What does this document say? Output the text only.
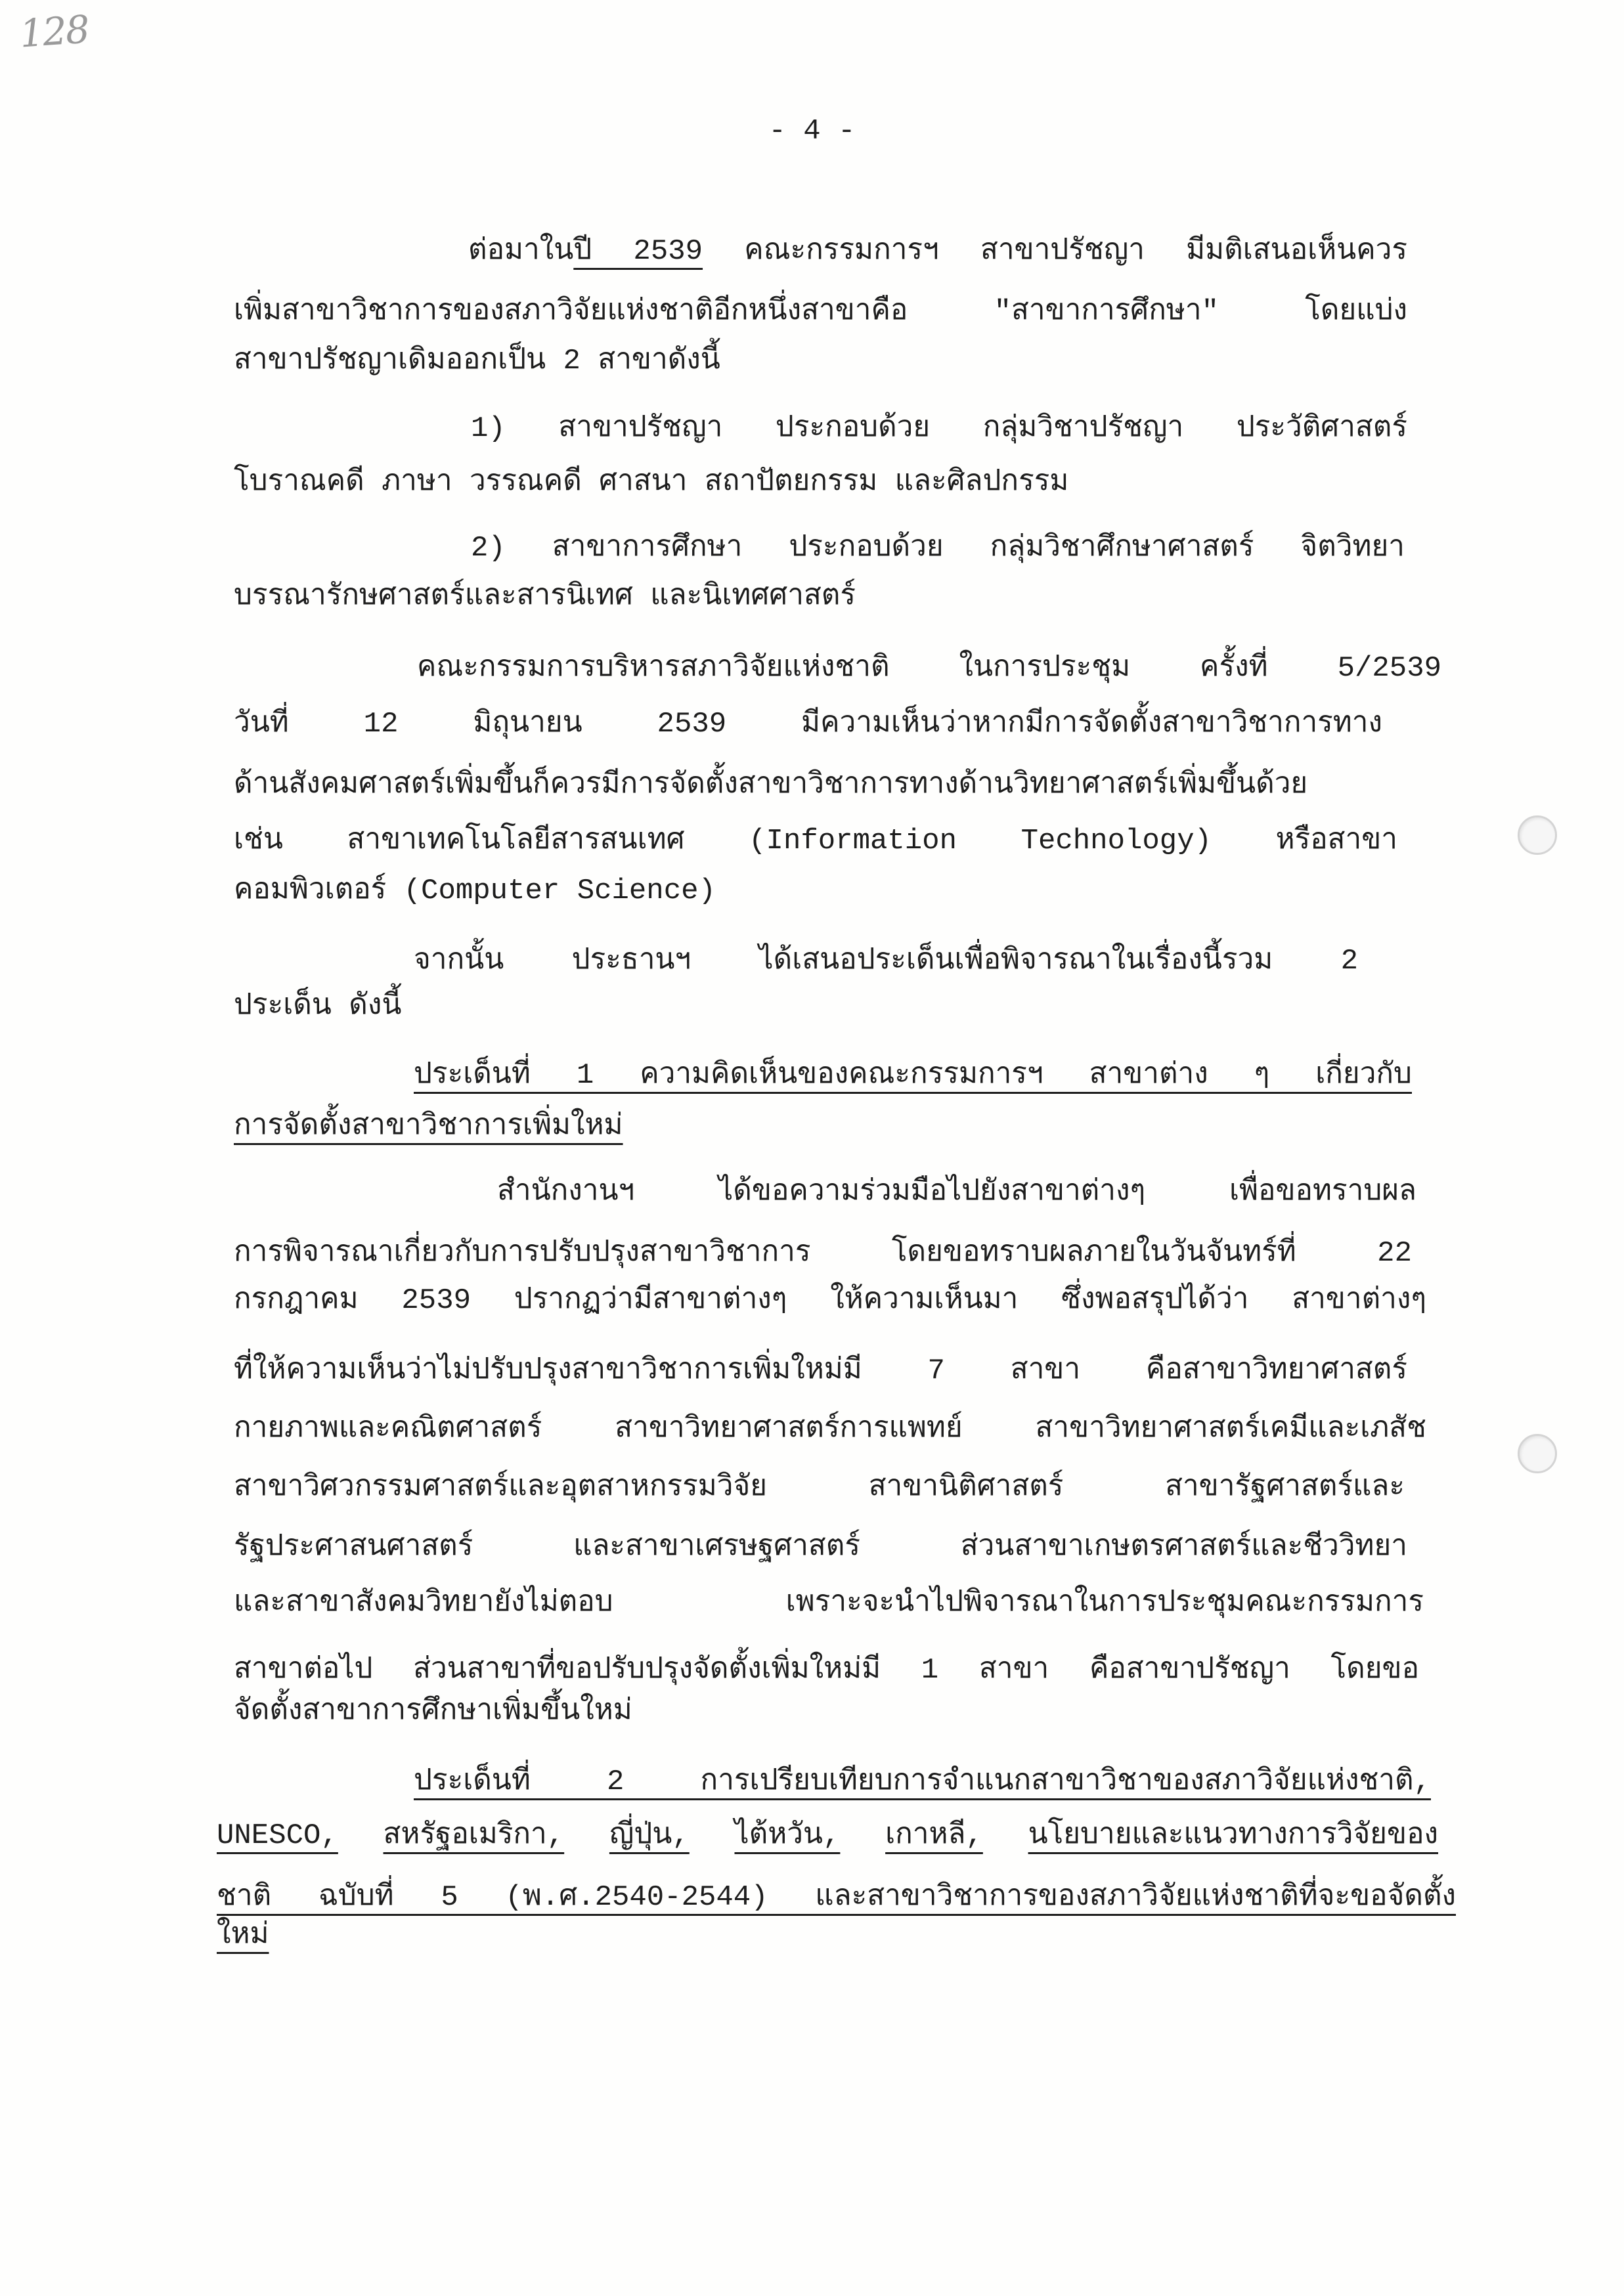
128
- 4 -
ต่อมาในปี 2539 คณะกรรมการฯ สาขาปรัชญา มีมติเสนอเห็นควร
เพิ่มสาขาวิชาการของสภาวิจัยแห่งชาติอีกหนึ่งสาขาคือ "สาขาการศึกษา" โดยแบ่ง
สาขาปรัชญาเดิมออกเป็น 2 สาขาดังนี้
1) สาขาปรัชญา ประกอบด้วย กลุ่มวิชาปรัชญา ประวัติศาสตร์
โบราณคดี ภาษา วรรณคดี ศาสนา สถาปัตยกรรม และศิลปกรรม
2) สาขาการศึกษา ประกอบด้วย กลุ่มวิชาศึกษาศาสตร์ จิตวิทยา
บรรณารักษศาสตร์และสารนิเทศ และนิเทศศาสตร์
คณะกรรมการบริหารสภาวิจัยแห่งชาติ ในการประชุม ครั้งที่ 5/2539
วันที่ 12 มิถุนายน 2539 มีความเห็นว่าหากมีการจัดตั้งสาขาวิชาการทาง
ด้านสังคมศาสตร์เพิ่มขึ้นก็ควรมีการจัดตั้งสาขาวิชาการทางด้านวิทยาศาสตร์เพิ่มขึ้นด้วย
เช่น สาขาเทคโนโลยีสารสนเทศ (Information Technology) หรือสาขา
คอมพิวเตอร์ (Computer Science)
จากนั้น ประธานฯ ได้เสนอประเด็นเพื่อพิจารณาในเรื่องนี้รวม 2
ประเด็น ดังนี้
ประเด็นที่ 1 ความคิดเห็นของคณะกรรมการฯ สาขาต่าง ๆ เกี่ยวกับ
การจัดตั้งสาขาวิชาการเพิ่มใหม่
สำนักงานฯ ได้ขอความร่วมมือไปยังสาขาต่างๆ เพื่อขอทราบผล
การพิจารณาเกี่ยวกับการปรับปรุงสาขาวิชาการ โดยขอทราบผลภายในวันจันทร์ที่ 22
กรกฎาคม 2539 ปรากฏว่ามีสาขาต่างๆ ให้ความเห็นมา ซึ่งพอสรุปได้ว่า สาขาต่างๆ
ที่ให้ความเห็นว่าไม่ปรับปรุงสาขาวิชาการเพิ่มใหม่มี 7 สาขา คือสาขาวิทยาศาสตร์
กายภาพและคณิตศาสตร์ สาขาวิทยาศาสตร์การแพทย์ สาขาวิทยาศาสตร์เคมีและเภสัช
สาขาวิศวกรรมศาสตร์และอุตสาหกรรมวิจัย สาขานิติศาสตร์ สาขารัฐศาสตร์และ
รัฐประศาสนศาสตร์ และสาขาเศรษฐศาสตร์ ส่วนสาขาเกษตรศาสตร์และชีววิทยา
และสาขาสังคมวิทยายังไม่ตอบ เพราะจะนำไปพิจารณาในการประชุมคณะกรรมการ
สาขาต่อไป ส่วนสาขาที่ขอปรับปรุงจัดตั้งเพิ่มใหม่มี 1 สาขา คือสาขาปรัชญา โดยขอ
จัดตั้งสาขาการศึกษาเพิ่มขึ้นใหม่
ประเด็นที่ 2 การเปรียบเทียบการจำแนกสาขาวิชาของสภาวิจัยแห่งชาติ,
UNESCO, สหรัฐอเมริกา, ญี่ปุ่น, ไต้หวัน, เกาหลี, นโยบายและแนวทางการวิจัยของ
ชาติ ฉบับที่ 5 (พ.ศ.2540-2544) และสาขาวิชาการของสภาวิจัยแห่งชาติที่จะขอจัดตั้ง
ใหม่
